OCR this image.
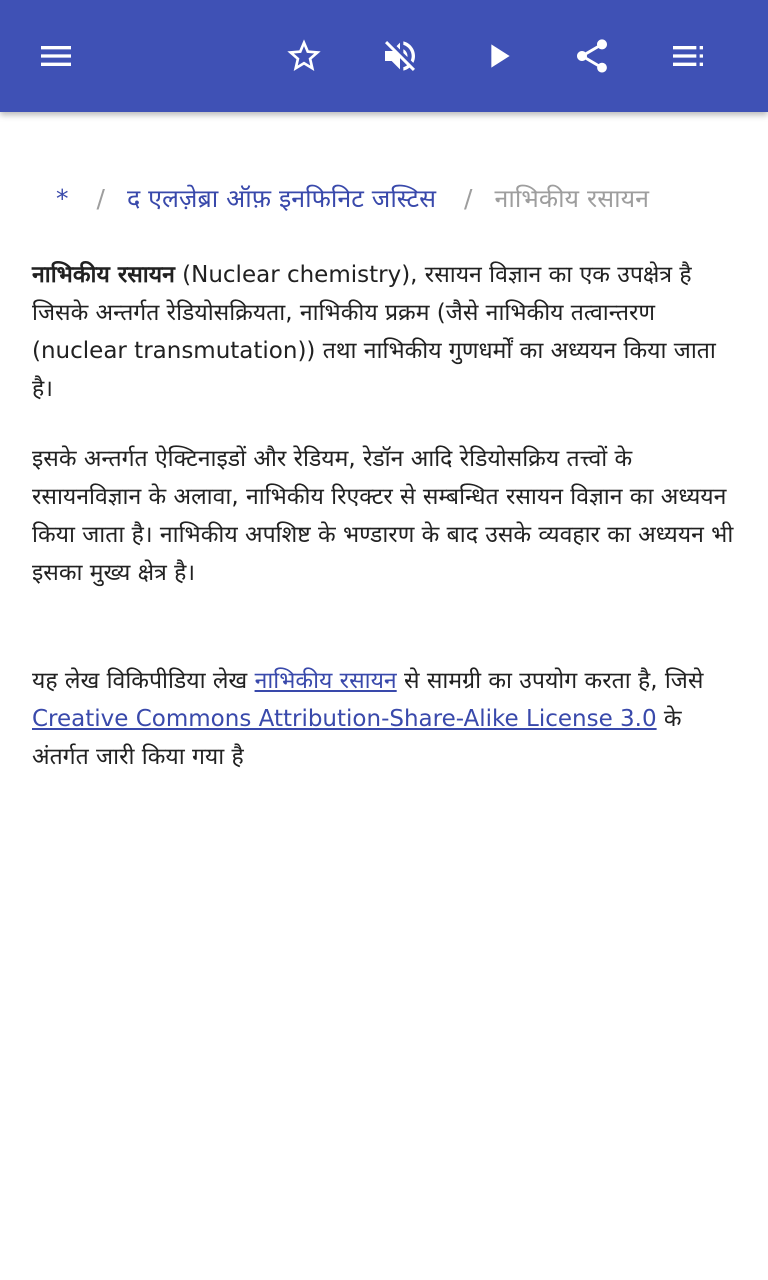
* / द एलज़ेब्रा ऑफ़ इनफिनिट जस्टिस / नाभिकीय रसायन

नाभिकीय रसायन (Nuclear chemistry), रसायन विज्ञान का एक उपक्षेत्र है जिसके अन्तर्गत रेडियोसक्रियता, नाभिकीय प्रक्रम (जैसे नाभिकीय तत्वान्तरण (nuclear transmutation)) तथा नाभिकीय गुणधर्मों का अध्ययन किया जाता है।

इसके अन्तर्गत ऐक्टिनाइडों और रेडियम, रेडॉन आदि रेडियोसक्रिय तत्त्वों के रसायनविज्ञान के अलावा, नाभिकीय रिएक्टर से सम्बन्धित रसायन विज्ञान का अध्ययन किया जाता है। नाभिकीय अपशिष्ट के भण्डारण के बाद उसके व्यवहार का अध्ययन भी इसका मुख्य क्षेत्र है।

यह लेख विकिपीडिया लेख नाभिकीय रसायन से सामग्री का उपयोग करता है, जिसे Creative Commons Attribution-Share-Alike License 3.0 के अंतर्गत जारी किया गया है
